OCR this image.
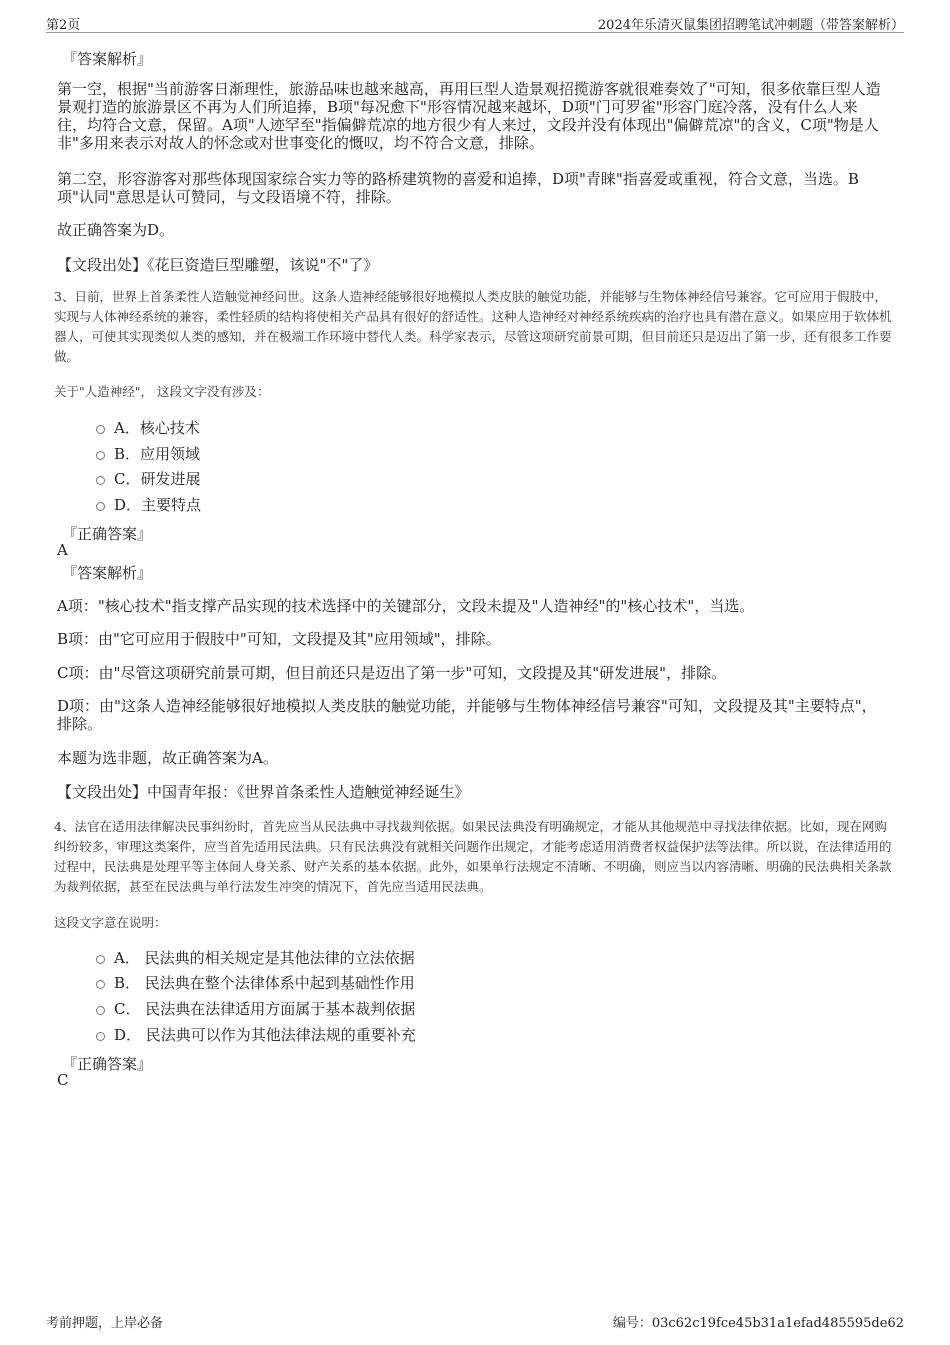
第2页	2024年乐清灭鼠集团招聘笔试冲刺题（带答案解析）
『答案解析』
第一空，根据"当前游客日渐理性，旅游品味也越来越高，再用巨型人造景观招揽游客就很难奏效了"可知，很多依靠巨型人造景观打造的旅游景区不再为人们所追捧，B项"每况愈下"形容情况越来越坏，D项"门可罗雀"形容门庭冷落，没有什么人来往，均符合文意，保留。A项"人迹罕至"指偏僻荒凉的地方很少有人来过，文段并没有体现出"偏僻荒凉"的含义，C项"物是人非"多用来表示对故人的怀念或对世事变化的慨叹，均不符合文意，排除。
第二空，形容游客对那些体现国家综合实力等的路桥建筑物的喜爱和追捧，D项"青睐"指喜爱或重视，符合文意，当选。B项"认同"意思是认可赞同，与文段语境不符，排除。
故正确答案为D。
【文段出处】《花巨资造巨型雕塑，该说"不"了》
3、日前，世界上首条柔性人造触觉神经问世。这条人造神经能够很好地模拟人类皮肤的触觉功能，并能够与生物体神经信号兼容。它可应用于假肢中，实现与人体神经系统的兼容，柔性轻质的结构将使相关产品具有很好的舒适性。这种人造神经对神经系统疾病的治疗也具有潜在意义。如果应用于软体机器人，可使其实现类似人类的感知，并在极端工作环境中替代人类。科学家表示，尽管这项研究前景可期，但目前还只是迈出了第一步，还有很多工作要做。
关于"人造神经"， 这段文字没有涉及：
A．核心技术
B．应用领域
C．研发进展
D．主要特点
『正确答案』
A
『答案解析』
A项："核心技术"指支撑产品实现的技术选择中的关键部分，文段未提及"人造神经"的"核心技术"，当选。
B项：由"它可应用于假肢中"可知，文段提及其"应用领域"，排除。
C项：由"尽管这项研究前景可期，但目前还只是迈出了第一步"可知，文段提及其"研发进展"，排除。
D项：由"这条人造神经能够很好地模拟人类皮肤的触觉功能，并能够与生物体神经信号兼容"可知，文段提及其"主要特点"，排除。
本题为选非题，故正确答案为A。
【文段出处】中国青年报：《世界首条柔性人造触觉神经诞生》
4、法官在适用法律解决民事纠纷时，首先应当从民法典中寻找裁判依据。如果民法典没有明确规定，才能从其他规范中寻找法律依据。比如，现在网购纠纷较多，审理这类案件，应当首先适用民法典。只有民法典没有就相关问题作出规定，才能考虑适用消费者权益保护法等法律。所以说，在法律适用的过程中，民法典是处理平等主体间人身关系、财产关系的基本依据。此外，如果单行法规定不清晰、不明确，则应当以内容清晰、明确的民法典相关条款为裁判依据，甚至在民法典与单行法发生冲突的情况下，首先应当适用民法典。
这段文字意在说明：
A． 民法典的相关规定是其他法律的立法依据
B． 民法典在整个法律体系中起到基础性作用
C． 民法典在法律适用方面属于基本裁判依据
D． 民法典可以作为其他法律法规的重要补充
『正确答案』
C
考前押题，上岸必备	编号：03c62c19fce45b31a1efad485595de62
